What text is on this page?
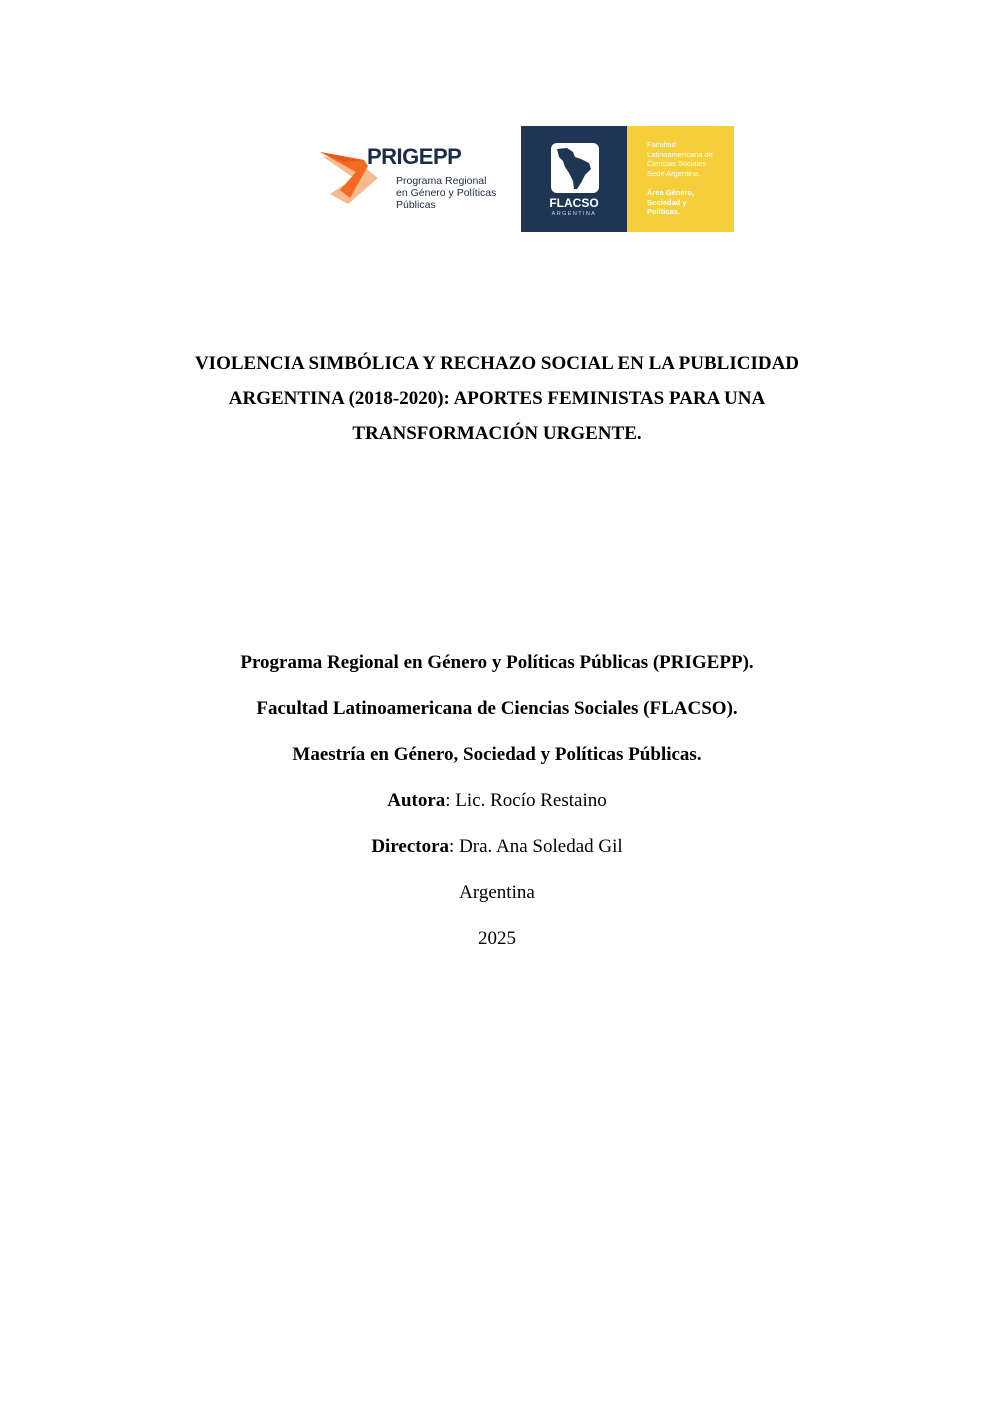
PRIGEPP
Programa Regional
en Género y Políticas
Públicas	FLACSO
ARGENTINA
Facultad
Latinoamericana de
Ciencias Sociales
Sede Argentina.
Área Género,
Sociedad y
Políticas.
VIOLENCIA SIMBÓLICA Y RECHAZO SOCIAL EN LA PUBLICIDAD
ARGENTINA (2018-2020): APORTES FEMINISTAS PARA UNA
TRANSFORMACIÓN URGENTE.

Programa Regional en Género y Políticas Públicas (PRIGEPP).

Facultad Latinoamericana de Ciencias Sociales (FLACSO).

Maestría en Género, Sociedad y Políticas Públicas.

Autora: Lic. Rocío Restaino

Directora: Dra. Ana Soledad Gil

Argentina

2025
